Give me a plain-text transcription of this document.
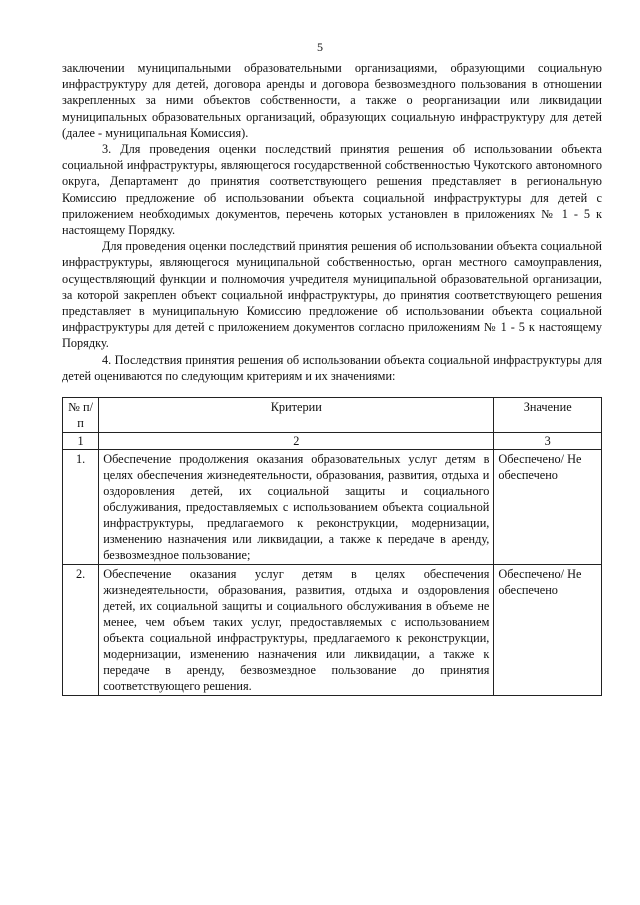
5

заключении муниципальными образовательными организациями, образующими социальную инфраструктуру для детей, договора аренды и договора безвозмездного пользования в отношении закрепленных за ними объектов собственности, а также о реорганизации или ликвидации муниципальных образовательных организаций, образующих социальную инфраструктуру для детей (далее - муниципальная Комиссия).

3. Для проведения оценки последствий принятия решения об использовании объекта социальной инфраструктуры, являющегося государственной собственностью Чукотского автономного округа, Департамент до принятия соответствующего решения представляет в региональную Комиссию предложение об использовании объекта социальной инфраструктуры для детей с приложением необходимых документов, перечень которых установлен в приложениях № 1 - 5 к настоящему Порядку.

Для проведения оценки последствий принятия решения об использовании объекта социальной инфраструктуры, являющегося муниципальной собственностью, орган местного самоуправления, осуществляющий функции и полномочия учредителя муниципальной образовательной организации, за которой закреплен объект социальной инфраструктуры, до принятия соответствующего решения представляет в муниципальную Комиссию предложение об использовании объекта социальной инфраструктуры для детей с приложением документов согласно приложениям № 1 - 5 к настоящему Порядку.

4. Последствия принятия решения об использовании объекта социальной инфраструктуры для детей оцениваются по следующим критериям и их значениями:

№ п/п	Критерии	Значение
1	2	3
1.	Обеспечение продолжения оказания образовательных услуг детям в целях обеспечения жизнедеятельности, образования, развития, отдыха и оздоровления детей, их социальной защиты и социального обслуживания, предоставляемых с использованием объекта социальной инфраструктуры, предлагаемого к реконструкции, модернизации, изменению назначения или ликвидации, а также к передаче в аренду, безвозмездное пользование;	Обеспечено/ Не обеспечено
2.	Обеспечение оказания услуг детям в целях обеспечения жизнедеятельности, образования, развития, отдыха и оздоровления детей, их социальной защиты и социального обслуживания в объеме не менее, чем объем таких услуг, предоставляемых с использованием объекта социальной инфраструктуры, предлагаемого к реконструкции, модернизации, изменению назначения или ликвидации, а также к передаче в аренду, безвозмездное пользование до принятия соответствующего решения.	Обеспечено/ Не обеспечено
